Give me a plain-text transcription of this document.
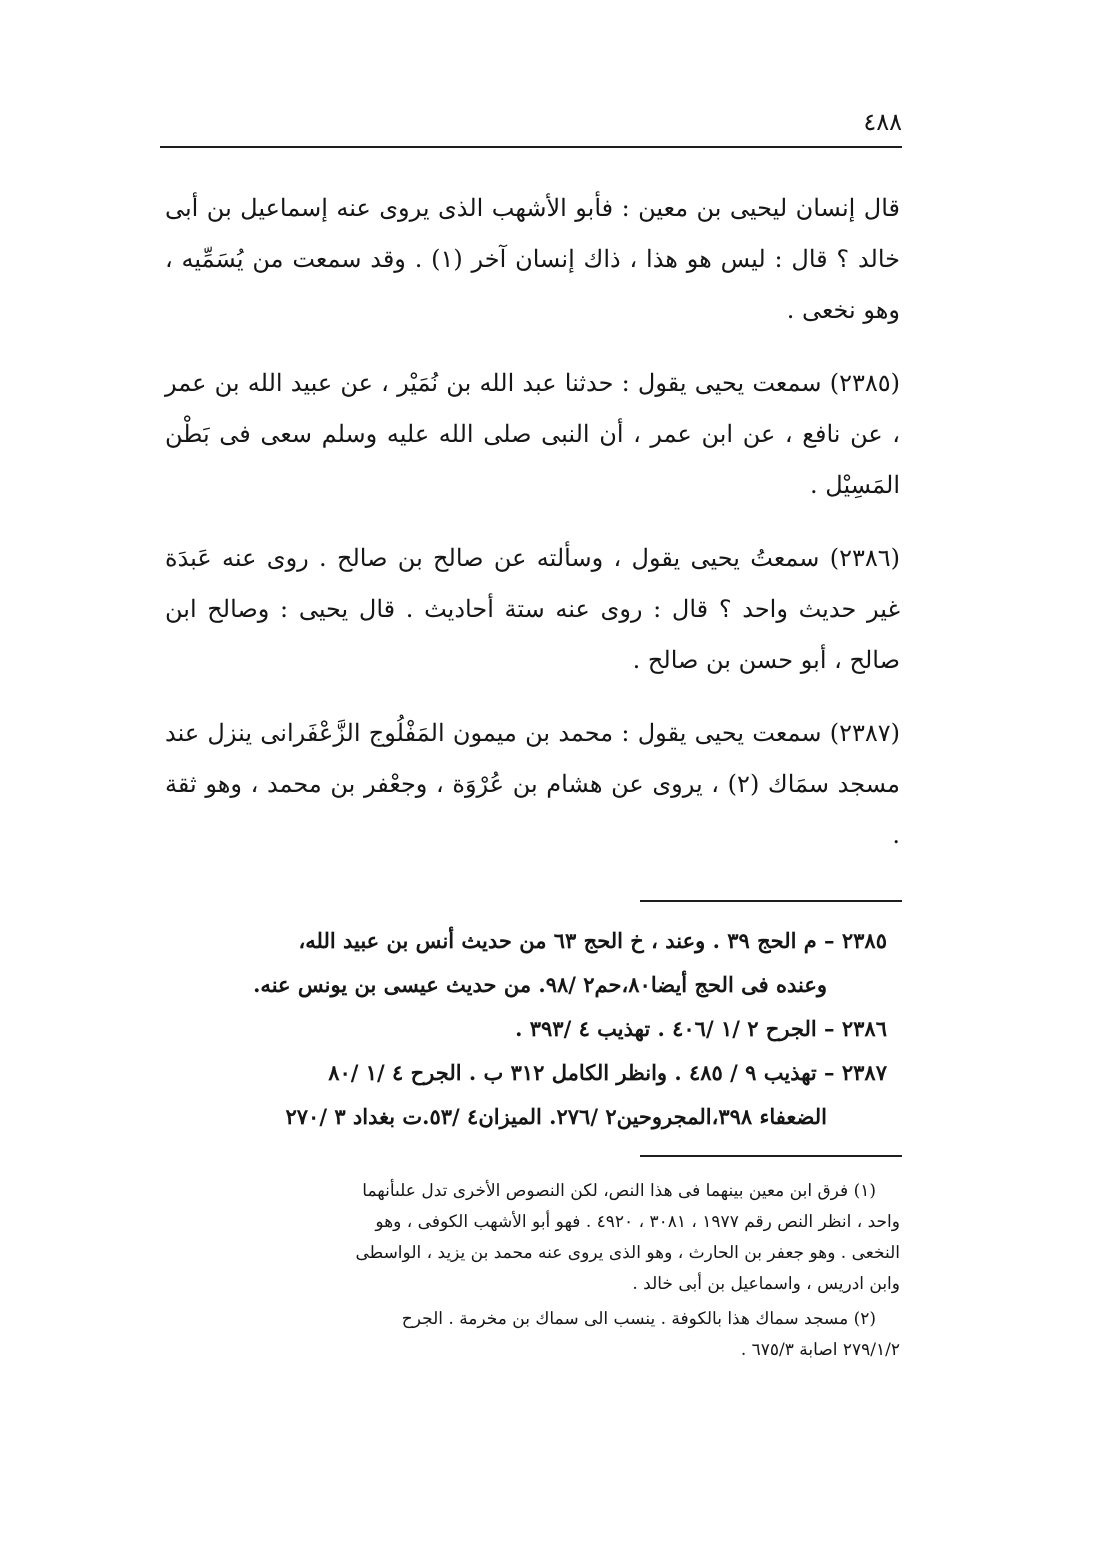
٤٨٨

قال إنسان ليحيى بن معين : فأبو الأشهب الذى يروى عنه إسماعيل بن أبى خالد ؟ قال : ليس هو هذا ، ذاك إنسان آخر (١) . وقد سمعت من يُسَمِّيه ، وهو نخعى .

(٢٣٨٥) سمعت يحيى يقول : حدثنا عبد الله بن نُمَيْر ، عن عبيد الله بن عمر ، عن نافع ، عن ابن عمر ، أن النبى صلى الله عليه وسلم سعى فى بَطْن المَسِيْل .

(٢٣٨٦) سمعتُ يحيى يقول ، وسألته عن صالح بن صالح . روى عنه عَبدَة غير حديث واحد ؟ قال : روى عنه ستة أحاديث . قال يحيى : وصالح ابن صالح ، أبو حسن بن صالح .

(٢٣٨٧) سمعت يحيى يقول : محمد بن ميمون المَفْلُوج الزَّعْفَرانى ينزل عند مسجد سمَاك (٢) ، يروى عن هشام بن عُرْوَة ، وجعْفر بن محمد ، وهو ثقة .

٢٣٨٥ – م الحج ٣٩ . وعند ، خ الحج ٦٣ من حديث أنس بن عبيد الله،
وعنده فى الحج أيضا٨٠،حم٢ /٩٨. من حديث عيسى بن يونس عنه.
٢٣٨٦ – الجرح ٢ /١ /٤٠٦ . تهذيب ٤ /٣٩٣ .
٢٣٨٧ – تهذيب ٩ / ٤٨٥ . وانظر الكامل ٣١٢ ب . الجرح ٤ /١ /٨٠
الضعفاء ٣٩٨،المجروحين٢ /٢٧٦. الميزان٤ /٥٣.ت بغداد ٣ /٢٧٠
(١) فرق ابن معين بينهما فى هذا النص، لكن النصوص الأخرى تدل علىأنهما
واحد ، انظر النص رقم ١٩٧٧ ، ٣٠٨١ ، ٤٩٢٠ . فهو أبو الأشهب الكوفى ، وهو
النخعى . وهو جعفر بن الحارث ، وهو الذى يروى عنه محمد بن يزيد ، الواسطى
وابن ادريس ، واسماعيل بن أبى خالد .
(٢) مسجد سماك هذا بالكوفة . ينسب الى سماك بن مخرمة . الجرح
٢٧٩/١/٢ اصابة ٦٧٥/٣ .
